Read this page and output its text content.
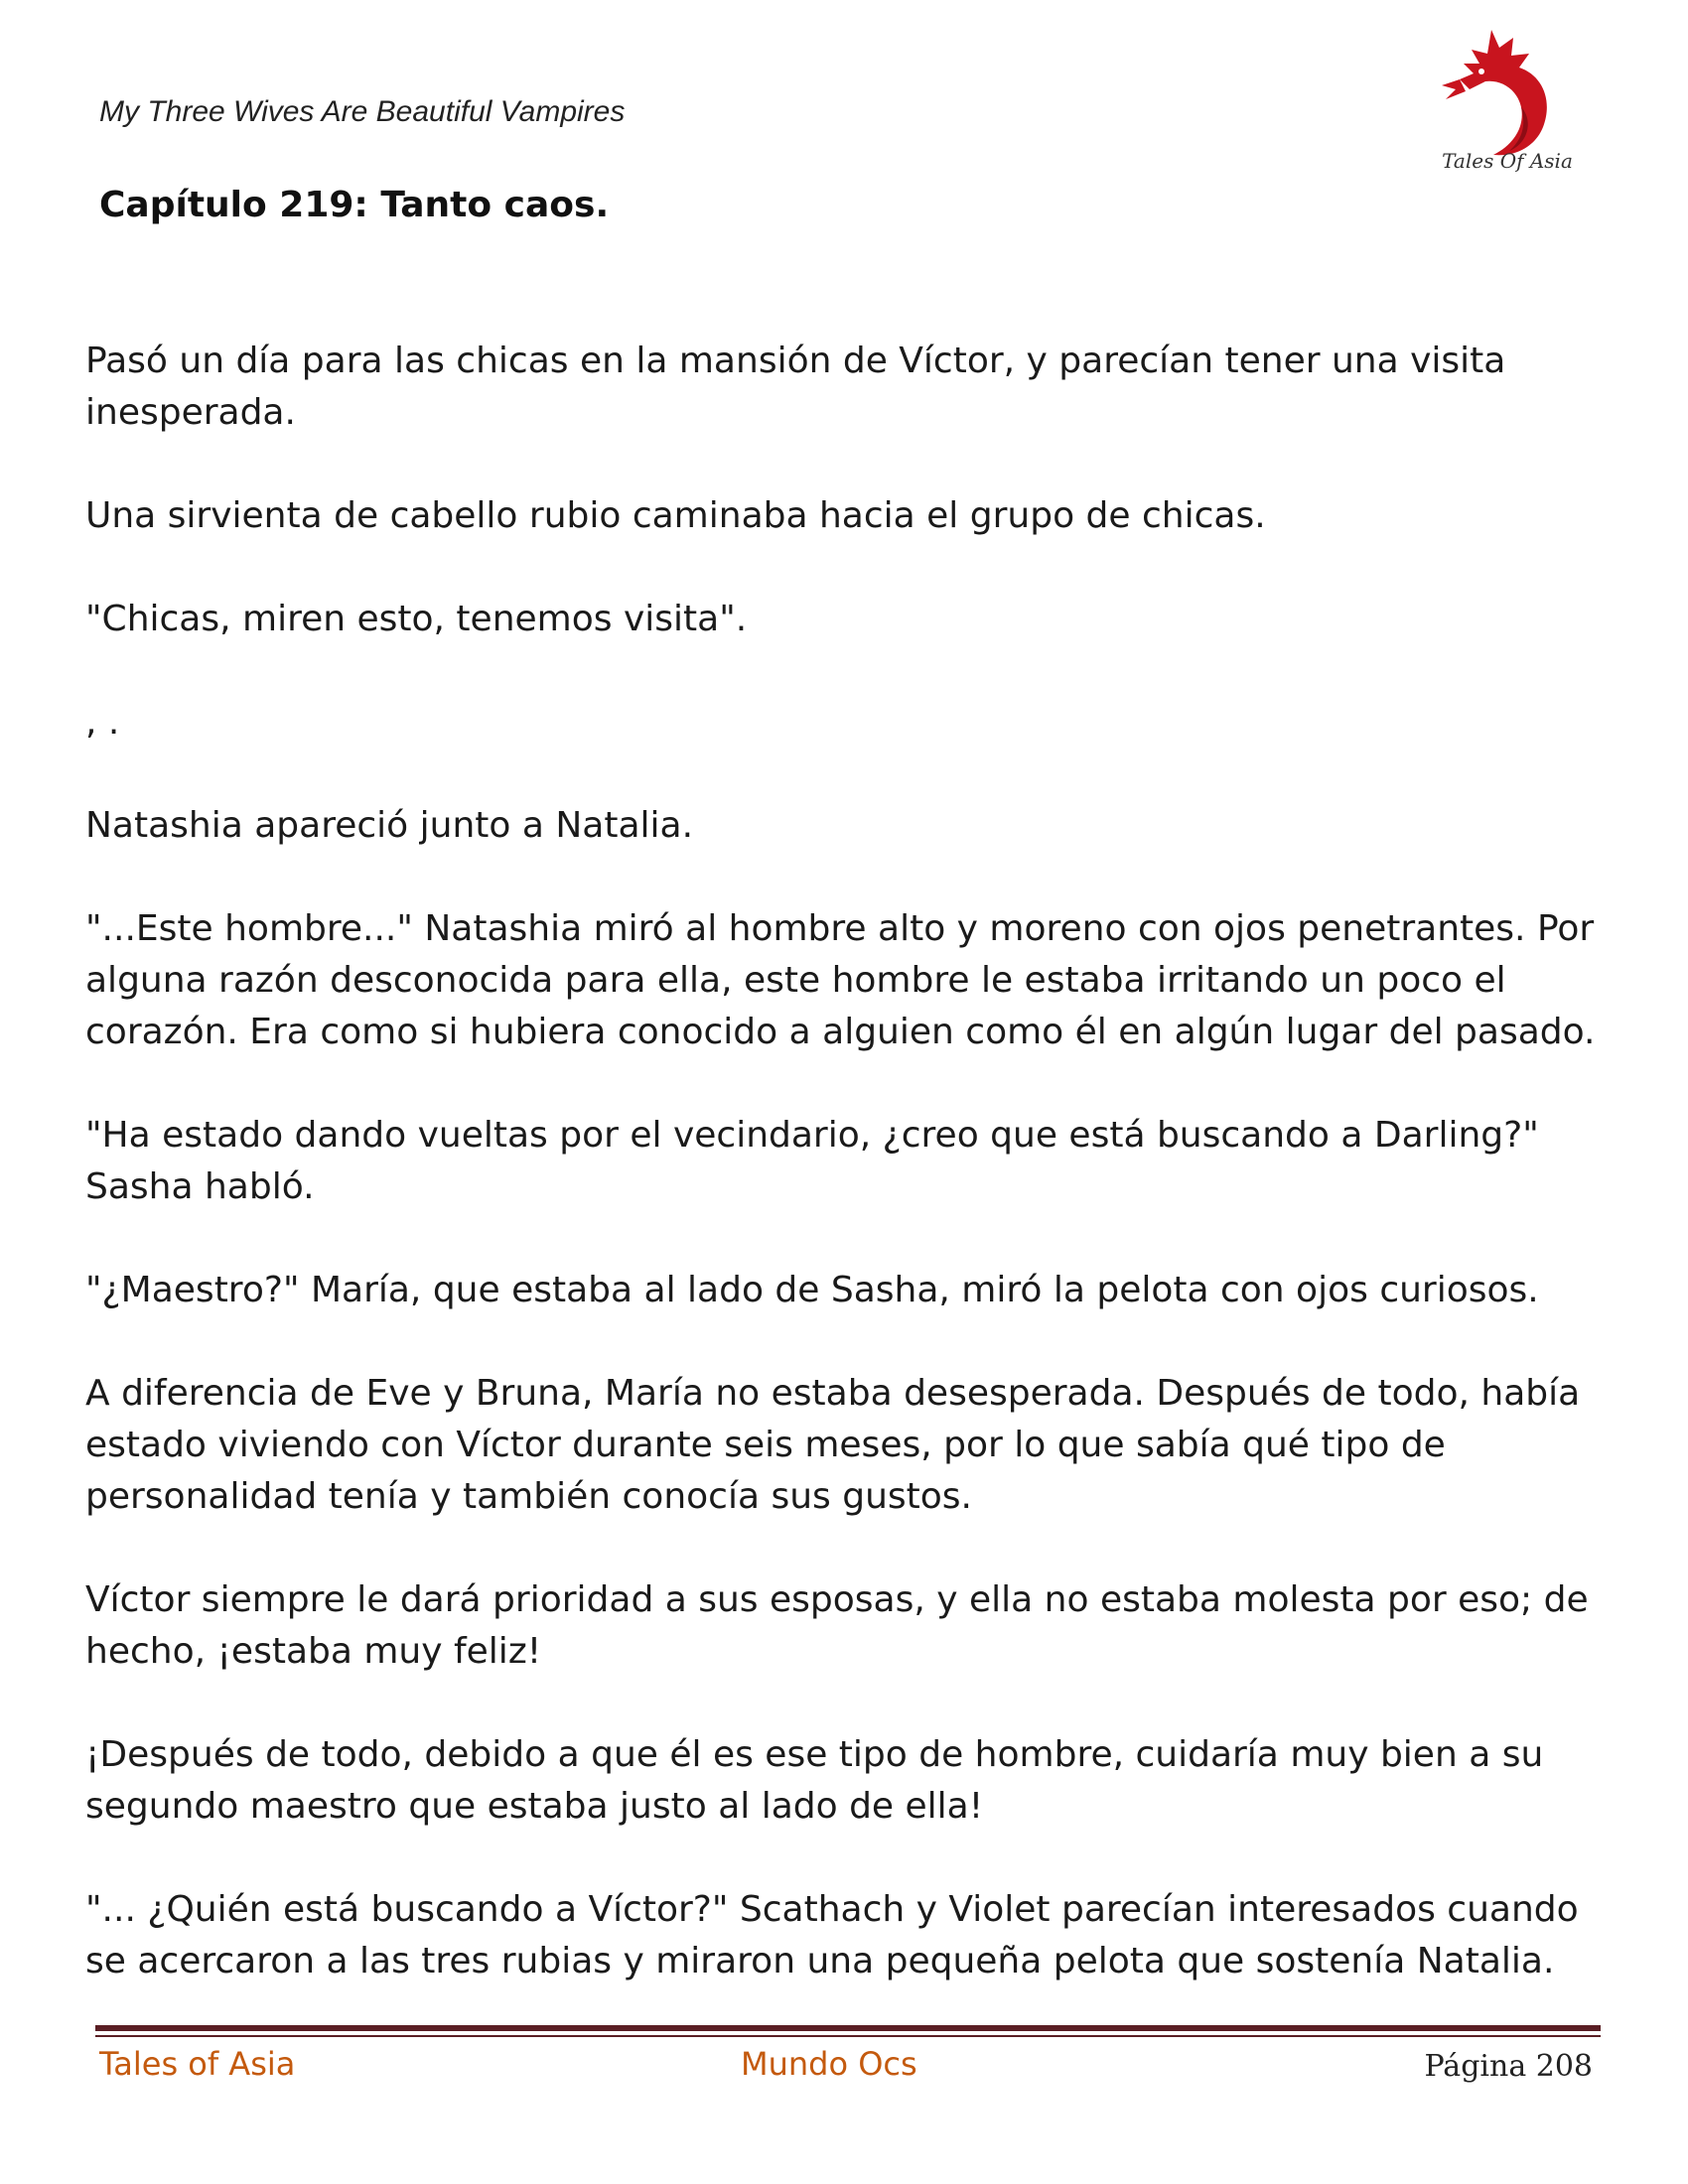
My Three Wives Are Beautiful Vampires
Capítulo 219: Tanto caos.
Tales Of Asia

Pasó un día para las chicas en la mansión de Víctor, y parecían tener una visita inesperada.

Una sirvienta de cabello rubio caminaba hacia el grupo de chicas.

"Chicas, miren esto, tenemos visita".

, .

Natashia apareció junto a Natalia.

"...Este hombre..." Natashia miró al hombre alto y moreno con ojos penetrantes. Por alguna razón desconocida para ella, este hombre le estaba irritando un poco el corazón. Era como si hubiera conocido a alguien como él en algún lugar del pasado.

"Ha estado dando vueltas por el vecindario, ¿creo que está buscando a Darling?" Sasha habló.

"¿Maestro?" María, que estaba al lado de Sasha, miró la pelota con ojos curiosos.

A diferencia de Eve y Bruna, María no estaba desesperada. Después de todo, había estado viviendo con Víctor durante seis meses, por lo que sabía qué tipo de personalidad tenía y también conocía sus gustos.

Víctor siempre le dará prioridad a sus esposas, y ella no estaba molesta por eso; de hecho, ¡estaba muy feliz!

¡Después de todo, debido a que él es ese tipo de hombre, cuidaría muy bien a su segundo maestro que estaba justo al lado de ella!

"... ¿Quién está buscando a Víctor?" Scathach y Violet parecían interesados cuando se acercaron a las tres rubias y miraron una pequeña pelota que sostenía Natalia.

Tales of Asia	Mundo Ocs	Página 208
